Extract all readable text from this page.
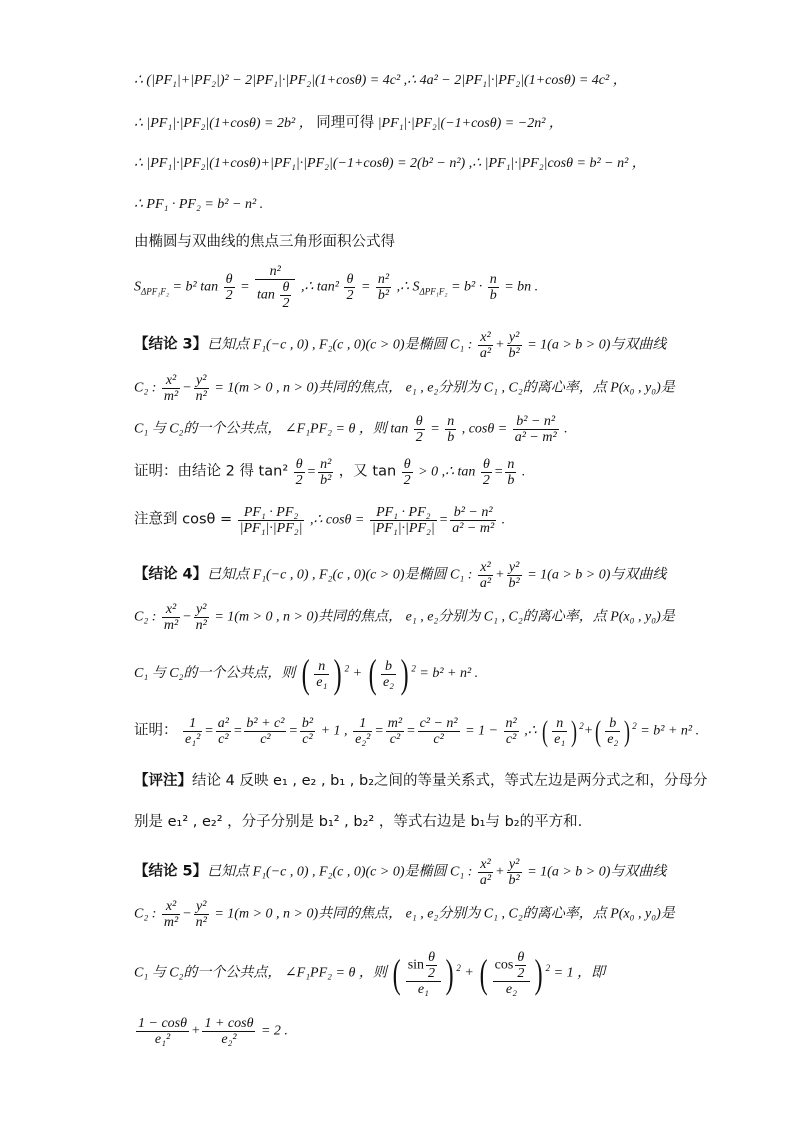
∴ (|PF₁|+|PF₂|)² − 2|PF₁|·|PF₂|(1+cosθ) = 4c² ,∴ 4a² − 2|PF₁|·|PF₂|(1+cosθ) = 4c² ，
∴ |PF₁|·|PF₂|(1+cosθ) = 2b² ， 同理可得 |PF₁|·|PF₂|(−1+cosθ) = −2n² ，
∴ |PF₁|·|PF₂|(1+cosθ)+|PF₁|·|PF₂|(−1+cosθ) = 2(b² − n²) ,∴ |PF₁|·|PF₂|cosθ = b² − n² ，
∴ PF₁ · PF₂ = b² − n² .
由椭圆与双曲线的焦点三角形面积公式得
$S_{\Delta PF_1F_2} = b^2$ $\tan \frac{\theta}{2} = \frac{\text{n²}}{\tan \frac{\theta}{2}}$ ,∴ $\tan^2 \frac{\theta}{2} = \frac{\text{n²}}{\text{b²}}$ ,∴ $S_{\Delta PF_1F_2} = b^2 \cdot \frac{n}{b}$ = bn .
【结论 3】已知点 F₁(−c , 0) , F₂(c , 0)(c > 0)是椭圆 C₁ : $\frac{\text{x²}}{\text{a²}} + \frac{\text{y²}}{\text{b²}} = 1(a > b > 0)$与双曲线
C₂ : $\frac{\text{x²}}{\text{m²}} - \frac{\text{y²}}{\text{n²}} = 1(m > 0$ , n > 0)共同的焦点， e₁ , e₂分别为 C₁ , C₂的离心率，点 P(x₀ , y₀)是
C₁ 与 C₂的一个公共点， ∠F₁PF₂ = θ ，则 $\tan \frac{\theta}{2} = \frac{n}{b}$ , $\cos\theta = \frac{\text{b² − n²}}{\text{a² − m²}}$ .
证明：由结论 2 得 $\tan^2 \frac{\theta}{2} = \frac{\text{n²}}{\text{b²}}$ ，又 $\tan \frac{\theta}{2} > 0$ ,∴ $\tan \frac{\theta}{2} = \frac{n}{b}$ .
注意到 $\cos\theta = \frac{\text{PF₁ · PF₂}}{\text{|PF₁|·|PF₂|}}$ ,∴ $\cos\theta = \frac{\text{PF₁ · PF₂}}{\text{|PF₁|·|PF₂|}} = \frac{\text{b² − n²}}{\text{a² − m²}}$ .
【结论 4】已知点 F₁(−c , 0) , F₂(c , 0)(c > 0)是椭圆 C₁ : $\frac{\text{x²}}{\text{a²}} + \frac{\text{y²}}{\text{b²}} = 1(a > b > 0)$与双曲线
C₂ : $\frac{\text{x²}}{\text{m²}} - \frac{\text{y²}}{\text{n²}} = 1(m > 0$ , n > 0)共同的焦点， e₁ , e₂分别为 C₁ , C₂的离心率，点 P(x₀ , y₀)是
C₁ 与 C₂的一个公共点，则 ( $\frac{n}{\text{e₁}}$ ) $^2$ + ( $\frac{b}{\text{e₂}}$ ) $^2$ = b² + n² .
证明： $\frac{1}{\text{e₁²}} = \frac{\text{a²}}{\text{c²}} = \frac{\text{b² + c²}}{\text{c²}} = \frac{\text{b²}}{\text{c²}} + 1$ , $\frac{1}{\text{e₂²}} = \frac{\text{m²}}{\text{c²}} = \frac{\text{c² − n²}}{\text{c²}} = 1 - \frac{\text{n²}}{\text{c²}}$ ,∴ ( $\frac{n}{\text{e₁}}$ ) $^2+( \frac{b}{\text{e₂}}$ ) $^2$ = b² + n² .
【评注】结论 4 反映 e₁ , e₂ , b₁ , b₂之间的等量关系式，等式左边是两分式之和，分母分
别是 e₁² , e₂² ，分子分别是 b₁² , b₂² ，等式右边是 b₁与 b₂的平方和.
【结论 5】已知点 F₁(−c , 0) , F₂(c , 0)(c > 0)是椭圆 C₁ : $\frac{\text{x²}}{\text{a²}} + \frac{\text{y²}}{\text{b²}} = 1(a > b > 0)$与双曲线
C₂ : $\frac{\text{x²}}{\text{m²}} - \frac{\text{y²}}{\text{n²}} = 1(m > 0$ , n > 0)共同的焦点， e₁ , e₂分别为 C₁ , C₂的离心率，点 P(x₀ , y₀)是
C₁ 与 C₂的一个公共点， ∠F₁PF₂ = θ ，则 ( $\frac{\sin \frac{\theta}{2}}{\text{e₁}}$ ) $^2$ + ( $\frac{\cos \frac{\theta}{2}}{\text{e₂}}$ ) $^2$ = 1 ，即
$\frac{1 - \cos\theta}{\text{e₁²}} + \frac{1 + \cos\theta}{\text{e₂²}} = 2$ .
